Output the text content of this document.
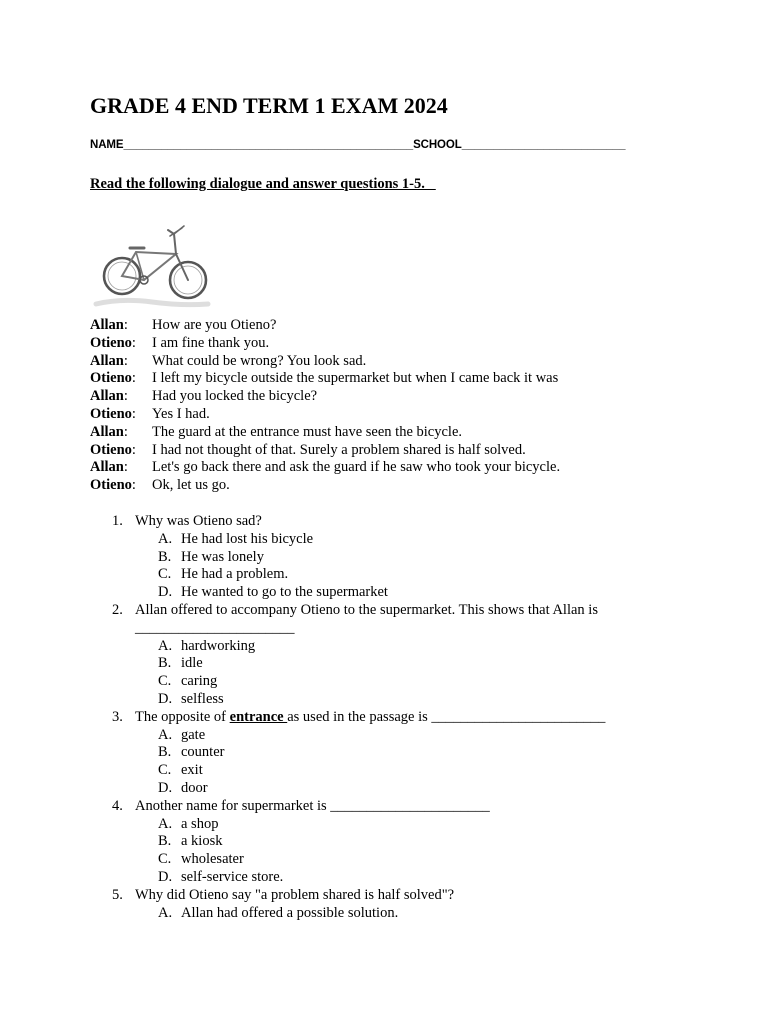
GRADE 4 END TERM 1 EXAM 2024
NAME______________________________________________SCHOOL__________________________

Read the following dialogue and answer questions 1-5.

Allan: How are you Otieno?
Otieno: I am fine thank you.
Allan: What could be wrong? You look sad.
Otieno: I left my bicycle outside the supermarket but when I came back it was
Allan: Had you locked the bicycle?
Otieno: Yes I had.
Allan: The guard at the entrance must have seen the bicycle.
Otieno: I had not thought of that. Surely a problem shared is half solved.
Allan: Let's go back there and ask the guard if he saw who took your bicycle.
Otieno: Ok, let us go.
1. Why was Otieno sad?
A. He had lost his bicycle
B. He was lonely
C. He had a problem.
D. He wanted to go to the supermarket
2. Allan offered to accompany Otieno to the supermarket. This shows that Allan is
______________________
A. hardworking
B. idle
C. caring
D. selfless
3. The opposite of entrance as used in the passage is ________________________
A. gate
B. counter
C. exit
D. door
4. Another name for supermarket is ______________________
A. a shop
B. a kiosk
C. wholesater
D. self-service store.
5. Why did Otieno say "a problem shared is half solved"?
A. Allan had offered a possible solution.
